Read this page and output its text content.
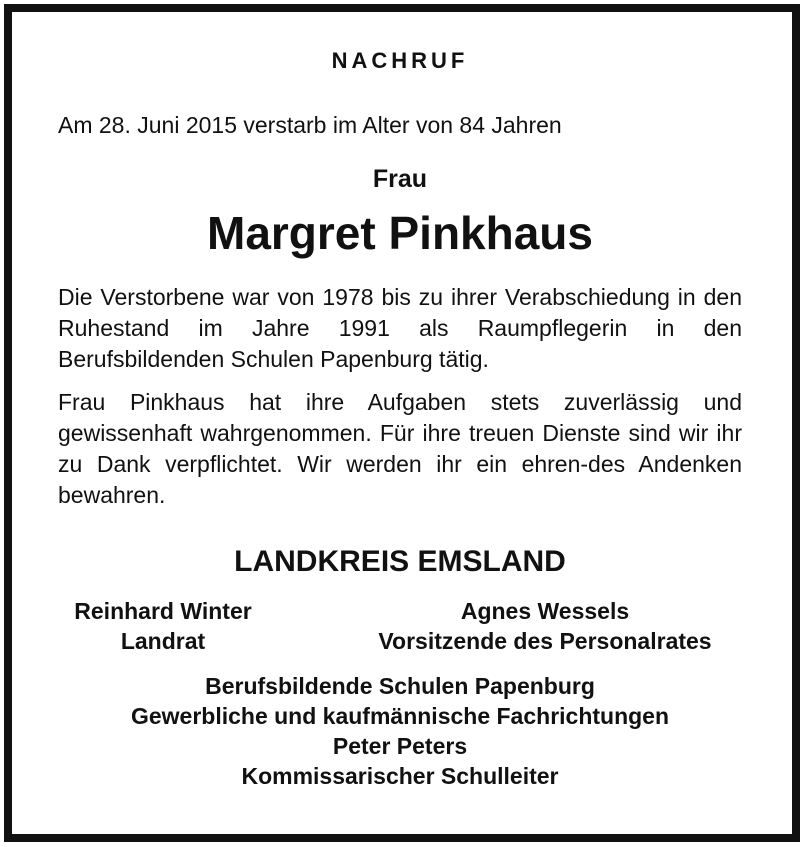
NACHRUF
Am 28. Juni 2015 verstarb im Alter von 84 Jahren
Frau
Margret Pinkhaus
Die Verstorbene war von 1978 bis zu ihrer Verabschiedung in den Ruhestand im Jahre 1991 als Raumpflegerin in den Berufsbildenden Schulen Papenburg tätig.
Frau Pinkhaus hat ihre Aufgaben stets zuverlässig und gewissenhaft wahrgenommen. Für ihre treuen Dienste sind wir ihr zu Dank verpflichtet. Wir werden ihr ein ehren-des Andenken bewahren.
LANDKREIS EMSLAND
Reinhard Winter
Landrat
Agnes Wessels
Vorsitzende des Personalrates
Berufsbildende Schulen Papenburg
Gewerbliche und kaufmännische Fachrichtungen
Peter Peters
Kommissarischer Schulleiter
